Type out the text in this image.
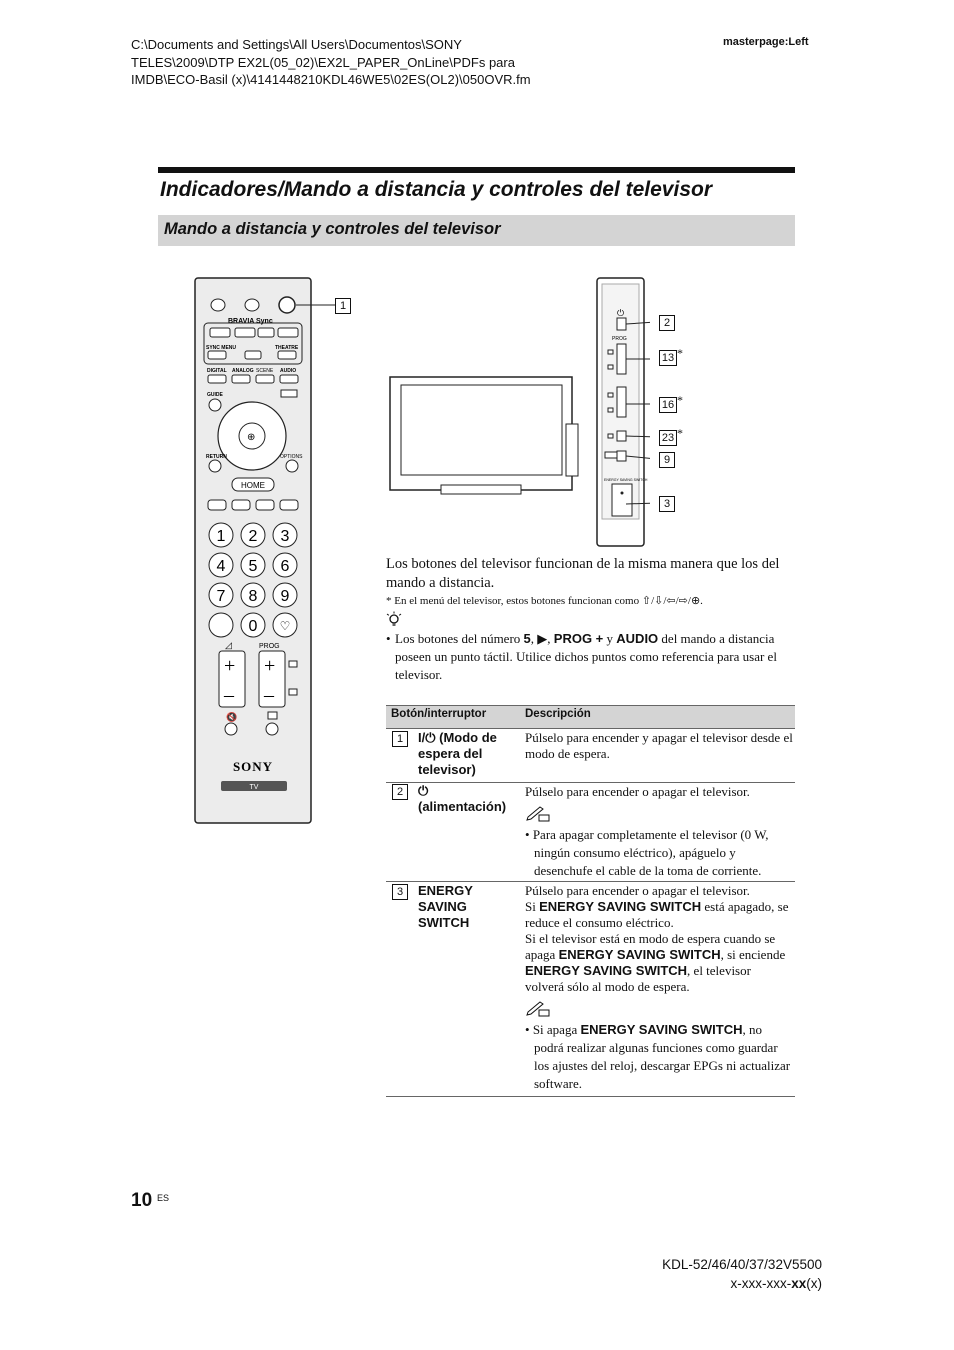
C:\Documents and Settings\All Users\Documentos\SONY
TELES\2009\DTP EX2L(05_02)\EX2L_PAPER_OnLine\PDFs para
IMDB\ECO-Basil (x)\4141448210KDL46WE5\02ES(OL2)\050OVR.fm
masterpage:Left
Indicadores/Mando a distancia y controles del televisor
Mando a distancia y controles del televisor
BRAVIA Sync
SYNC MENU	THEATRE
DIGITAL ANALOG SCENE AUDIO
GUIDE
⊕
RETURN	OPTIONS
HOME
1 2 3
4 5 6
7 8 9
0 ♡
◿	PROG
+
–
+
–
🔇
SONY
TV
1
⏻
PROG
ENERGY SAVING SWITCH
2
13 *
16 *
23 *
9
3
Los botones del televisor funcionan de la misma manera que los del mando a distancia.
* En el menú del televisor, estos botones funcionan como ⇧/⇩/⇦/⇨/⊕.
• Los botones del número 5, ▶, PROG + y AUDIO del mando a distancia poseen un punto táctil. Utilice dichos puntos como referencia para usar el televisor.
Botón/interruptor	Descripción
1	I/⏻ (Modo de espera del televisor)
Púlselo para encender y apagar el televisor desde el modo de espera.
2	⏻
(alimentación)
Púlselo para encender o apagar el televisor.
• Para apagar completamente el televisor (0 W, ningún consumo eléctrico), apáguelo y desenchufe el cable de la toma de corriente.
3	ENERGY SAVING SWITCH
Púlselo para encender o apagar el televisor.
Si ENERGY SAVING SWITCH está apagado, se reduce el consumo eléctrico.
Si el televisor está en modo de espera cuando se apaga ENERGY SAVING SWITCH, si enciende ENERGY SAVING SWITCH, el televisor volverá sólo al modo de espera.
• Si apaga ENERGY SAVING SWITCH, no podrá realizar algunas funciones como guardar los ajustes del reloj, descargar EPGs ni actualizar software.
10 ES
KDL-52/46/40/37/32V5500
x-xxx-xxx-xx(x)
